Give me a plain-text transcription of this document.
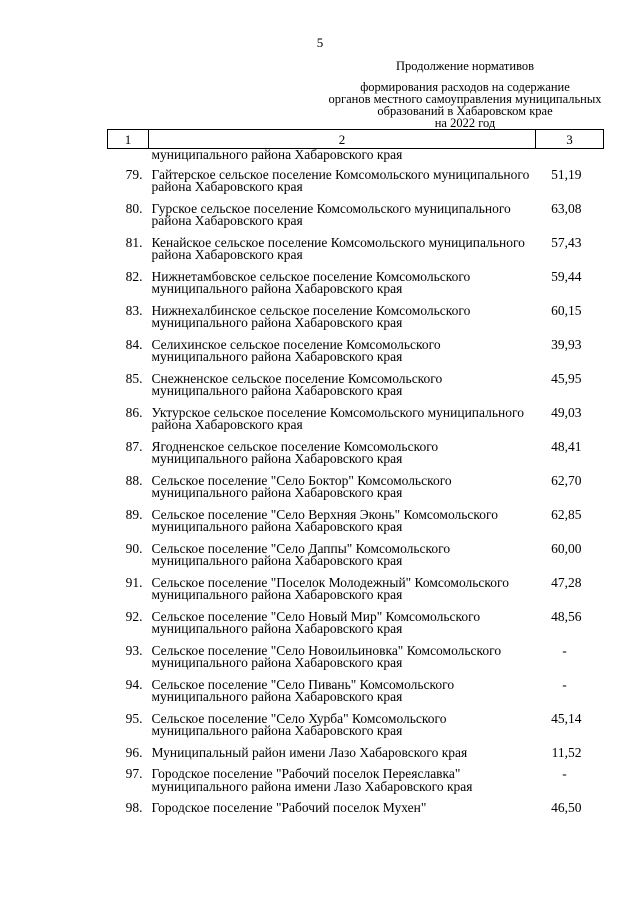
5
Продолжение нормативов
формирования расходов на содержание
органов местного самоуправления муниципальных
образований в Хабаровском крае
на 2022 год
1	2	3
	муниципального района Хабаровского края	
79.	Гайтерское сельское поселение Комсомольского муниципального района Хабаровского края	51,19
80.	Гурское сельское поселение Комсомольского муниципального района Хабаровского края	63,08
81.	Кенайское сельское поселение Комсомольского муниципального района Хабаровского края	57,43
82.	Нижнетамбовское сельское поселение Комсомольского муниципального района Хабаровского края	59,44
83.	Нижнехалбинское сельское поселение Комсомольского муниципального района Хабаровского края	60,15
84.	Селихинское сельское поселение Комсомольского муниципального района Хабаровского края	39,93
85.	Снежненское сельское поселение Комсомольского муниципального района Хабаровского края	45,95
86.	Уктурское сельское поселение Комсомольского муниципального района Хабаровского края	49,03
87.	Ягодненское сельское поселение Комсомольского муниципального района Хабаровского края	48,41
88.	Сельское поселение "Село Боктор" Комсомольского муниципального района Хабаровского края	62,70
89.	Сельское поселение "Село Верхняя Эконь" Комсомольского муниципального района Хабаровского края	62,85
90.	Сельское поселение "Село Даппы" Комсомольского муниципального района Хабаровского края	60,00
91.	Сельское поселение "Поселок Молодежный" Комсомольского муниципального района Хабаровского края	47,28
92.	Сельское поселение "Село Новый Мир" Комсомольского муниципального района Хабаровского края	48,56
93.	Сельское поселение "Село Новоильиновка" Комсомольского муниципального района Хабаровского края	-
94.	Сельское поселение "Село Пивань" Комсомольского муниципального района Хабаровского края	-
95.	Сельское поселение "Село Хурба" Комсомольского муниципального района Хабаровского края	45,14
96.	Муниципальный район имени Лазо Хабаровского края	11,52
97.	Городское поселение "Рабочий поселок Переяславка" муниципального района имени Лазо Хабаровского края	-
98.	Городское поселение "Рабочий поселок Мухен"	46,50
